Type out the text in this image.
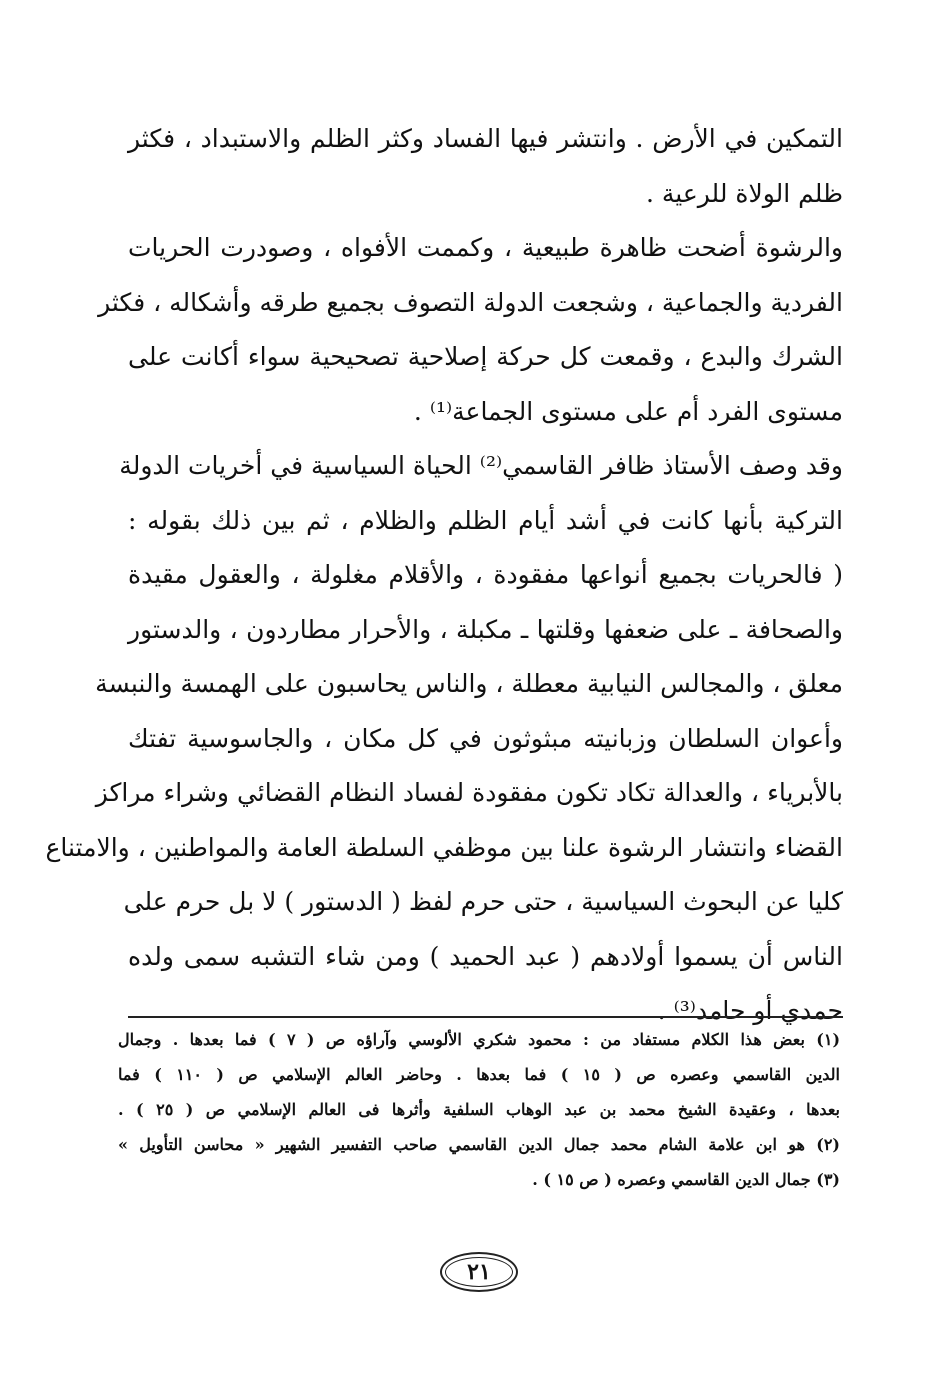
التمكين في الأرض . وانتشر فيها الفساد وكثر الظلم والاستبداد ، فكثر
ظلم الولاة للرعية .
والرشوة أضحت ظاهرة طبيعية ، وكممت الأفواه ، وصودرت الحريات
الفردية والجماعية ، وشجعت الدولة التصوف بجميع طرقه وأشكاله ، فكثر
الشرك والبدع ، وقمعت كل حركة إصلاحية تصحيحية سواء أكانت على
مستوى الفرد أم على مستوى الجماعة⁽¹⁾ .
وقد وصف الأستاذ ظافر القاسمي⁽²⁾ الحياة السياسية في أخريات الدولة
التركية بأنها كانت في أشد أيام الظلم والظلام ، ثم بين ذلك بقوله :
( فالحريات بجميع أنواعها مفقودة ، والأقلام مغلولة ، والعقول مقيدة
والصحافة ـ على ضعفها وقلتها ـ مكبلة ، والأحرار مطاردون ، والدستور
معلق ، والمجالس النيابية معطلة ، والناس يحاسبون على الهمسة والنبسة
وأعوان السلطان وزبانيته مبثوثون في كل مكان ، والجاسوسية تفتك
بالأبرياء ، والعدالة تكاد تكون مفقودة لفساد النظام القضائي وشراء مراكز
القضاء وانتشار الرشوة علنا بين موظفي السلطة العامة والمواطنين ، والامتناع
كليا عن البحوث السياسية ، حتى حرم لفظ ( الدستور ) لا بل حرم على
الناس أن يسموا أولادهم ( عبد الحميد ) ومن شاء التشبه سمى ولده
حمدي أو حامد⁽³⁾ .
(١) بعض هذا الكلام مستفاد من : محمود شكري الألوسي وآراؤه ص ( ٧ ) فما بعدها . وجمال
الدين القاسمي وعصره ص ( ١٥ ) فما بعدها . وحاضر العالم الإسلامي ص ( ١١٠ ) فما
بعدها ، وعقيدة الشيخ محمد بن عبد الوهاب السلفية وأثرها فى العالم الإسلامي ص ( ٢٥ ) .
(٢) هو ابن علامة الشام محمد جمال الدين القاسمي صاحب التفسير الشهير « محاسن التأويل »
(٣) جمال الدين القاسمي وعصره ( ص ١٥ ) .
٢١
